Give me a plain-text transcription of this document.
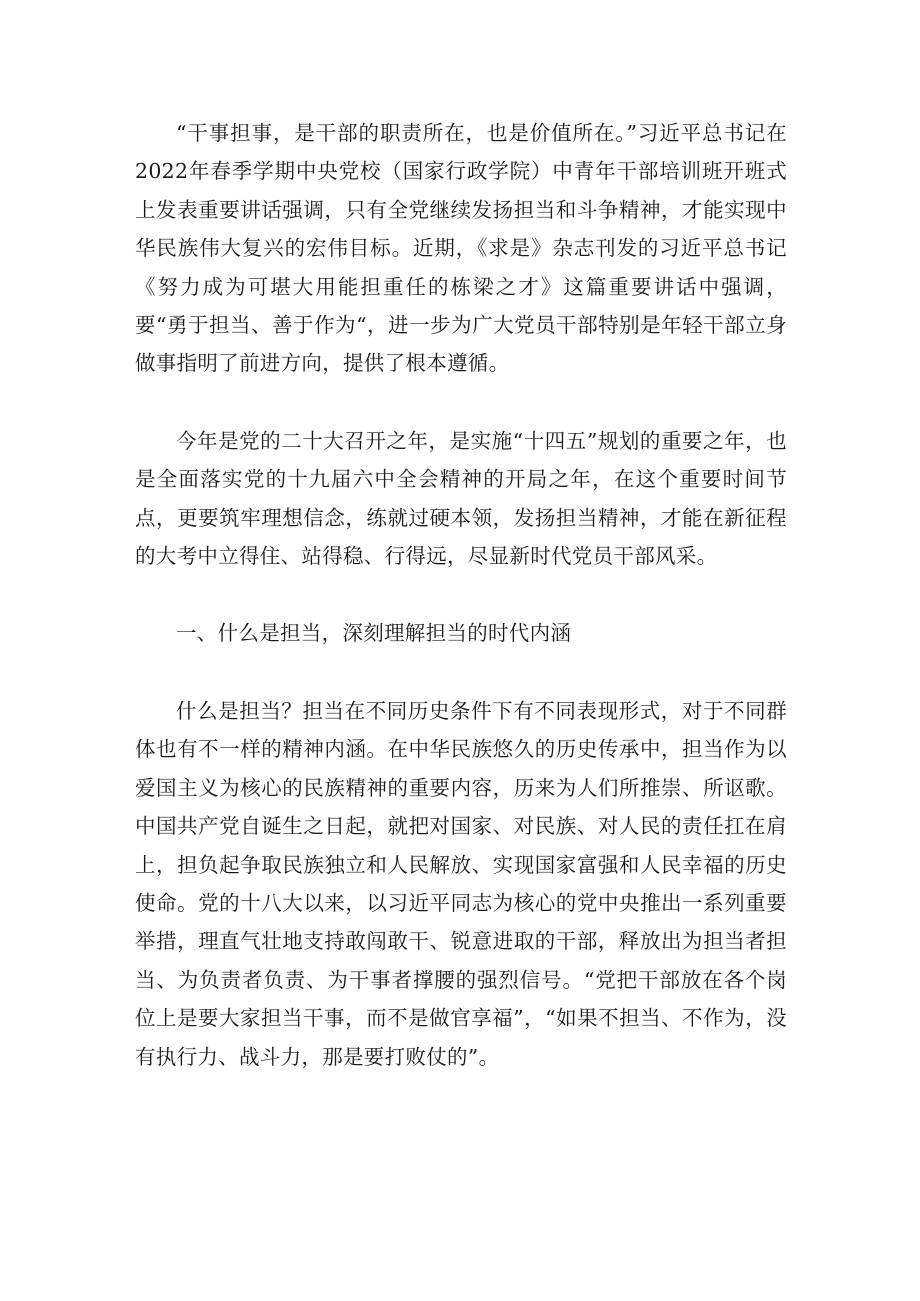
“干事担事，是干部的职责所在，也是价值所在。”习近平总书记在2022年春季学期中央党校（国家行政学院）中青年干部培训班开班式上发表重要讲话强调，只有全党继续发扬担当和斗争精神，才能实现中华民族伟大复兴的宏伟目标。近期，《求是》杂志刊发的习近平总书记《努力成为可堪大用能担重任的栋梁之才》这篇重要讲话中强调，要“勇于担当、善于作为“，进一步为广大党员干部特别是年轻干部立身做事指明了前进方向，提供了根本遵循。

今年是党的二十大召开之年，是实施“十四五”规划的重要之年，也是全面落实党的十九届六中全会精神的开局之年，在这个重要时间节点，更要筑牢理想信念，练就过硬本领，发扬担当精神，才能在新征程的大考中立得住、站得稳、行得远，尽显新时代党员干部风采。

一、什么是担当，深刻理解担当的时代内涵

什么是担当？担当在不同历史条件下有不同表现形式，对于不同群体也有不一样的精神内涵。在中华民族悠久的历史传承中，担当作为以爱国主义为核心的民族精神的重要内容，历来为人们所推崇、所讴歌。中国共产党自诞生之日起，就把对国家、对民族、对人民的责任扛在肩上，担负起争取民族独立和人民解放、实现国家富强和人民幸福的历史使命。党的十八大以来，以习近平同志为核心的党中央推出一系列重要举措，理直气壮地支持敢闯敢干、锐意进取的干部，释放出为担当者担当、为负责者负责、为干事者撑腰的强烈信号。“党把干部放在各个岗位上是要大家担当干事，而不是做官享福”，“如果不担当、不作为，没有执行力、战斗力，那是要打败仗的”。
